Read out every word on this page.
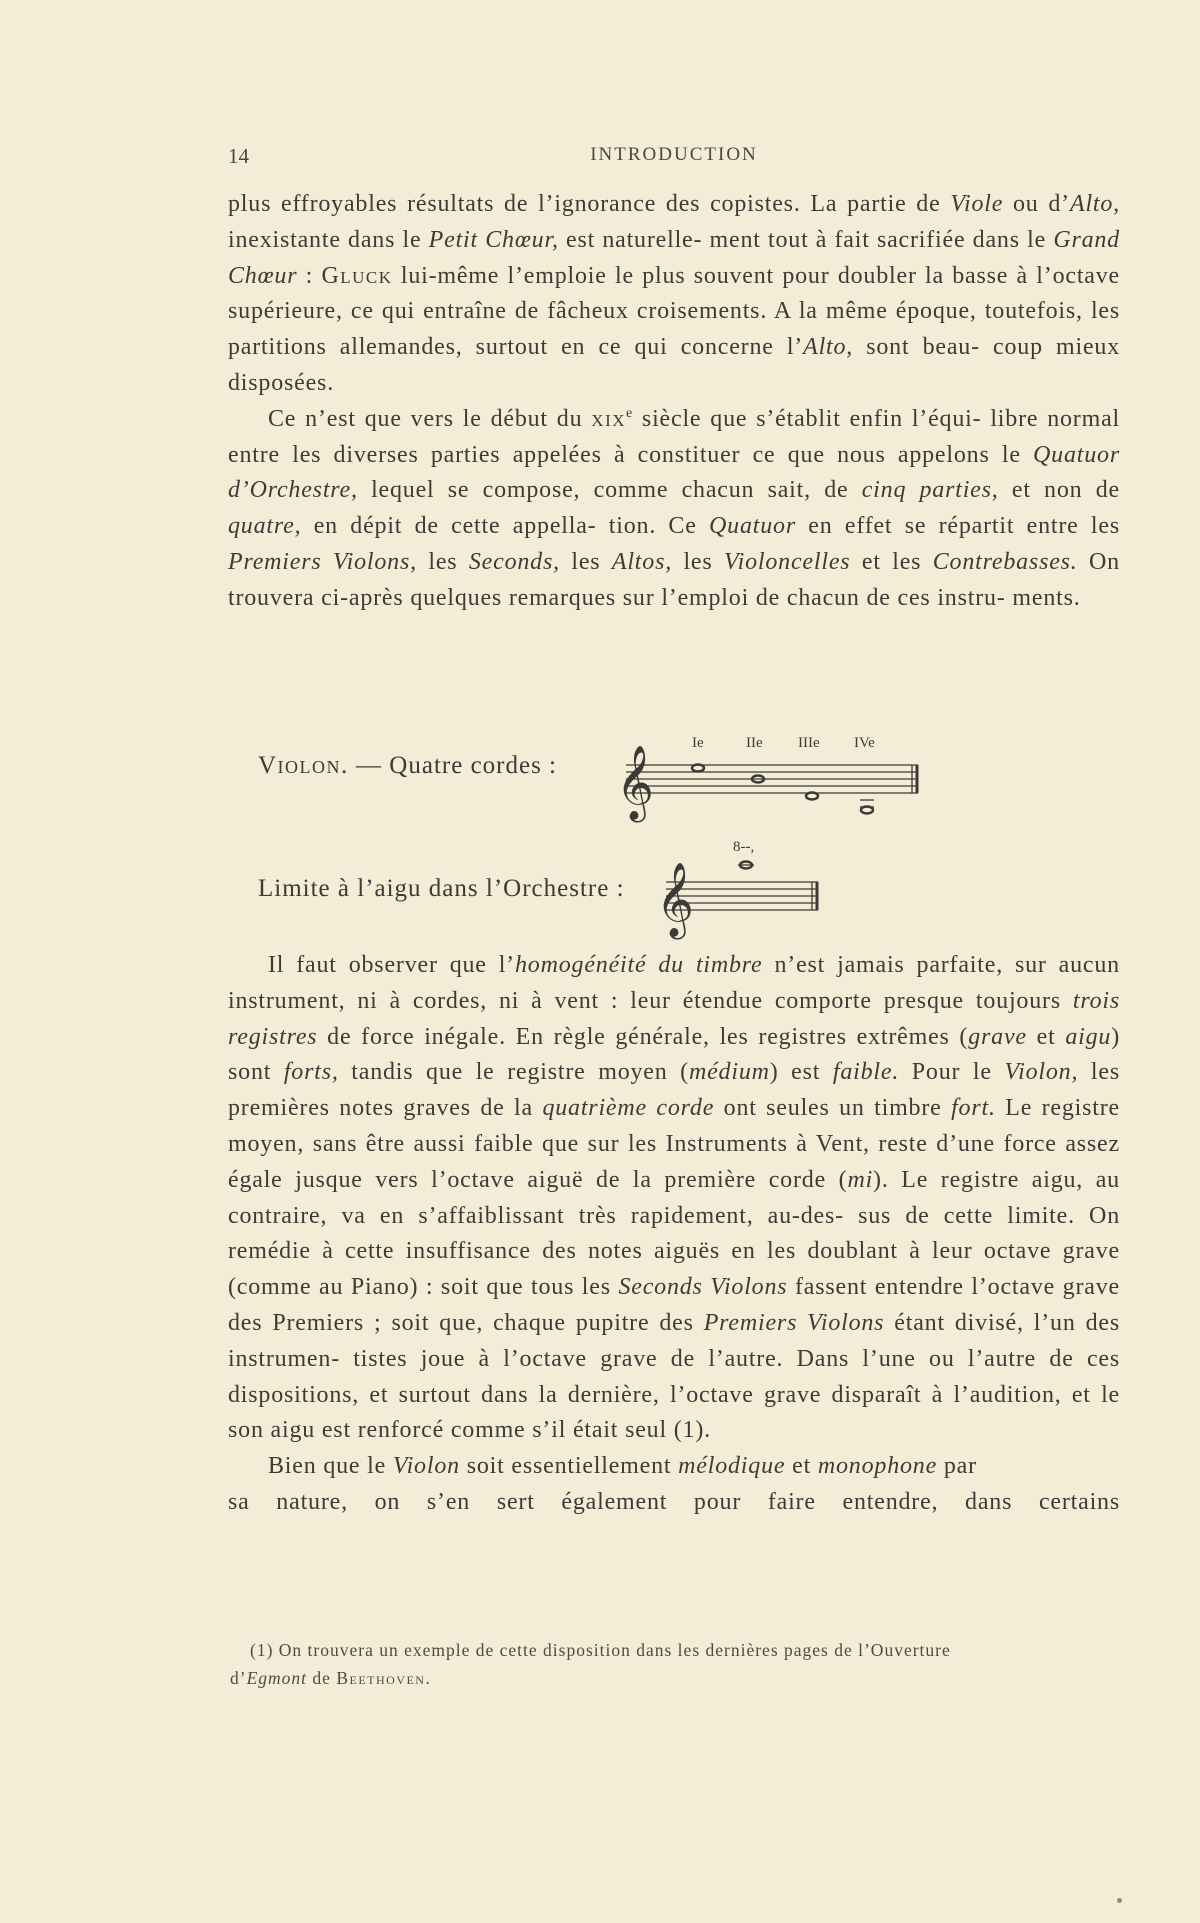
14	INTRODUCTION

plus effroyables résultats de l’ignorance des copistes. La partie de Viole ou d’Alto, inexistante dans le Petit Chœur, est naturelle- ment tout à fait sacrifiée dans le Grand Chœur : Gluck lui-même l’emploie le plus souvent pour doubler la basse à l’octave supérieure, ce qui entraîne de fâcheux croisements. A la même époque, toutefois, les partitions allemandes, surtout en ce qui concerne l’Alto, sont beau- coup mieux disposées.

Ce n’est que vers le début du xix$^e$ siècle que s’établit enfin l’équi- libre normal entre les diverses parties appelées à constituer ce que nous appelons le Quatuor d’Orchestre, lequel se compose, comme chacun sait, de cinq parties, et non de quatre, en dépit de cette appella- tion. Ce Quatuor en effet se répartit entre les Premiers Violons, les Seconds, les Altos, les Violoncelles et les Contrebasses. On trouvera ci-après quelques remarques sur l’emploi de chacun de ces instru- ments.

Violon. — Quatre cordes : 𝄞
Ie	IIe IIIe IVe
Limite à l’aigu dans l’Orchestre : 𝄞
8--,

Il faut observer que l’homogénéité du timbre n’est jamais parfaite, sur aucun instrument, ni à cordes, ni à vent : leur étendue comporte presque toujours trois registres de force inégale. En règle générale, les registres extrêmes (grave et aigu) sont forts, tandis que le registre moyen (médium) est faible. Pour le Violon, les premières notes graves de la quatrième corde ont seules un timbre fort. Le registre moyen, sans être aussi faible que sur les Instruments à Vent, reste d’une force assez égale jusque vers l’octave aiguë de la première corde (mi). Le registre aigu, au contraire, va en s’affaiblissant très rapidement, au-des- sus de cette limite. On remédie à cette insuffisance des notes aiguës en les doublant à leur octave grave (comme au Piano) : soit que tous les Seconds Violons fassent entendre l’octave grave des Premiers ; soit que, chaque pupitre des Premiers Violons étant divisé, l’un des instrumen- tistes joue à l’octave grave de l’autre. Dans l’une ou l’autre de ces dispositions, et surtout dans la dernière, l’octave grave disparaît à l’audition, et le son aigu est renforcé comme s’il était seul (1).

Bien que le Violon soit essentiellement mélodique et monophone par
sa nature, on s’en sert également pour faire entendre, dans certains

(1) On trouvera un exemple de cette disposition dans les dernières pages de l’Ouverture
d’Egmont de Beethoven.
